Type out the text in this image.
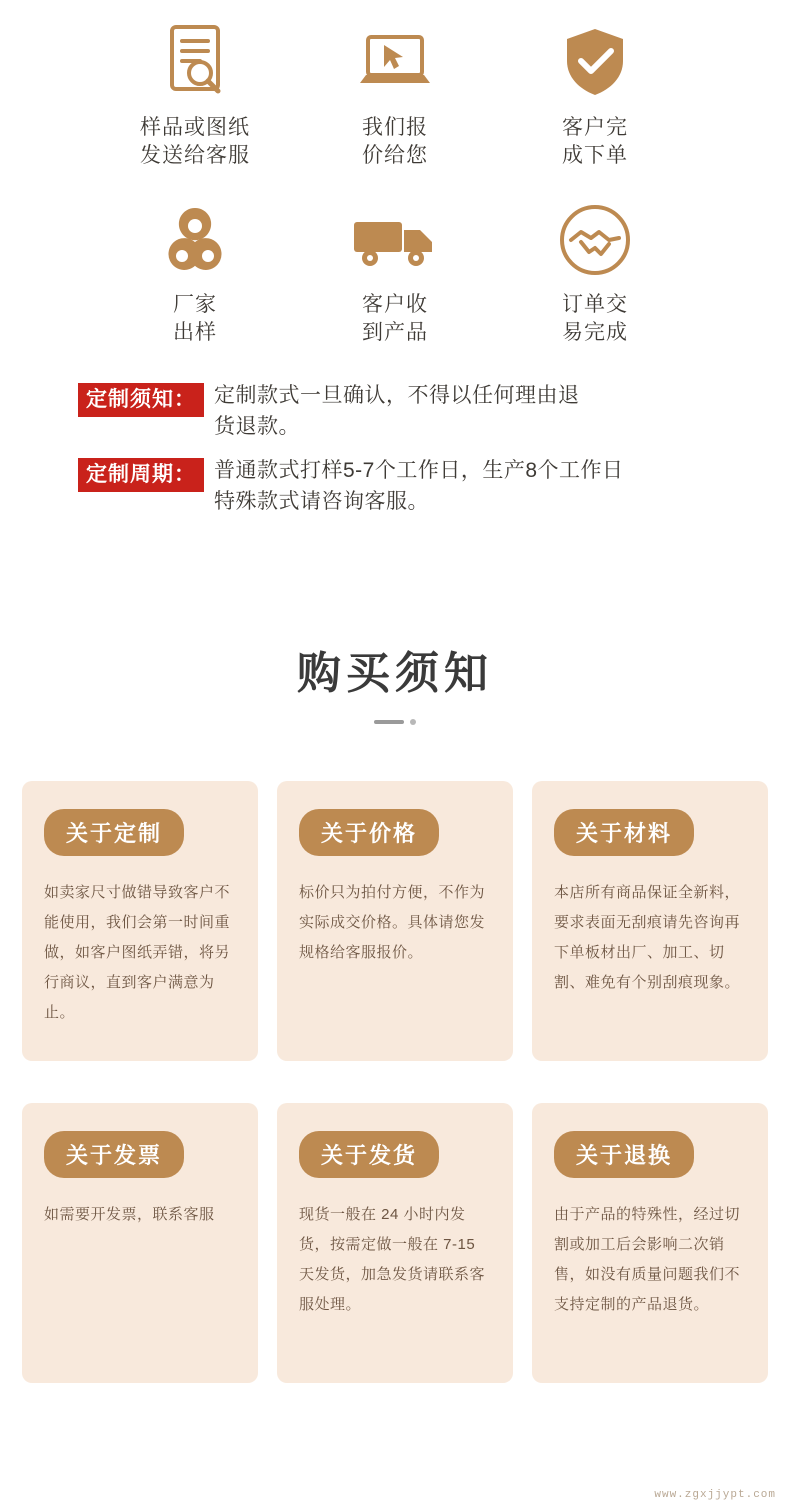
样品或图纸
发送给客服
我们报
价给您
客户完
成下单
厂家
出样
客户收
到产品
订单交
易完成
定制须知： 定制款式一旦确认，不得以任何理由退
货退款。
定制周期： 普通款式打样5-7个工作日，生产8个工作日
特殊款式请咨询客服。
购买须知
关于定制
如卖家尺寸做错导致客户不能使用，我们会第一时间重做，如客户图纸弄错，将另行商议，直到客户满意为止。
关于价格
标价只为拍付方便，不作为实际成交价格。具体请您发规格给客服报价。
关于材料
本店所有商品保证全新料，要求表面无刮痕请先咨询再下单板材出厂、加工、切割、难免有个别刮痕现象。
关于发票
如需要开发票，联系客服
关于发货
现货一般在 24 小时内发货，按需定做一般在 7-15 天发货，加急发货请联系客服处理。
关于退换
由于产品的特殊性，经过切割或加工后会影响二次销售，如没有质量问题我们不支持定制的产品退货。
www.zgxjjypt.com
